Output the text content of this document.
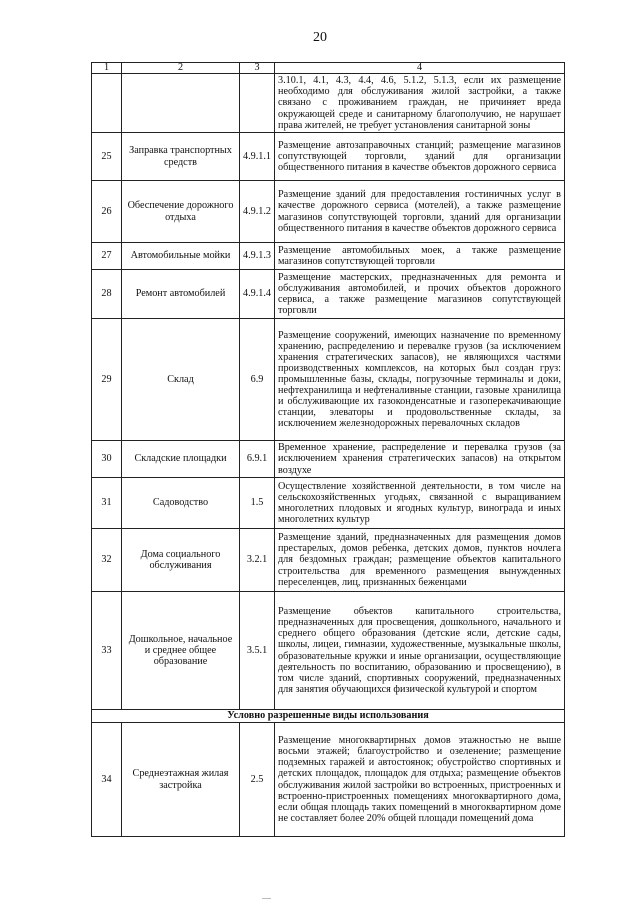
20
1	2	3	4
			3.10.1, 4.1, 4.3, 4.4, 4.6, 5.1.2, 5.1.3, если их размещение необходимо для обслуживания жилой застройки, а также связано с проживанием граждан, не причиняет вреда окружающей среде и санитарному благополучию, не нарушает права жителей, не требует установления санитарной зоны
25	Заправка транспортных средств	4.9.1.1	Размещение автозаправочных станций; размещение магазинов сопутствующей торговли, зданий для организации общественного питания в качестве объектов дорожного сервиса
26	Обеспечение дорожного отдыха	4.9.1.2	Размещение зданий для предоставления гостиничных услуг в качестве дорожного сервиса (мотелей), а также размещение магазинов сопутствующей торговли, зданий для организации общественного питания в качестве объектов дорожного сервиса
27	Автомобильные мойки	4.9.1.3	Размещение автомобильных моек, а также размещение магазинов сопутствующей торговли
28	Ремонт автомобилей	4.9.1.4	Размещение мастерских, предназначенных для ремонта и обслуживания автомобилей, и прочих объектов дорожного сервиса, а также размещение магазинов сопутствующей торговли
29	Склад	6.9	Размещение сооружений, имеющих назначение по временному хранению, распределению и перевалке грузов (за исключением хранения стратегических запасов), не являющихся частями производственных комплексов, на которых был создан груз: промышленные базы, склады, погрузочные терминалы и доки, нефтехранилища и нефтеналивные станции, газовые хранилища и обслуживающие их газоконденсатные и газоперекачивающие станции, элеваторы и продовольственные склады, за исключением железнодорожных перевалочных складов
30	Складские площадки	6.9.1	Временное хранение, распределение и перевалка грузов (за исключением хранения стратегических запасов) на открытом воздухе
31	Садоводство	1.5	Осуществление хозяйственной деятельности, в том числе на сельскохозяйственных угодьях, связанной с выращиванием многолетних плодовых и ягодных культур, винограда и иных многолетних культур
32	Дома социального обслуживания	3.2.1	Размещение зданий, предназначенных для размещения домов престарелых, домов ребенка, детских домов, пунктов ночлега для бездомных граждан; размещение объектов капитального строительства для временного размещения вынужденных переселенцев, лиц, признанных беженцами
33	Дошкольное, начальное и среднее общее образование	3.5.1	Размещение объектов капитального строительства, предназначенных для просвещения, дошкольного, начального и среднего общего образования (детские ясли, детские сады, школы, лицеи, гимназии, художественные, музыкальные школы, образовательные кружки и иные организации, осуществляющие деятельность по воспитанию, образованию и просвещению), в том числе зданий, спортивных сооружений, предназначенных для занятия обучающихся физической культурой и спортом
Условно разрешенные виды использования			
34	Среднеэтажная жилая застройка	2.5	Размещение многоквартирных домов этажностью не выше восьми этажей; благоустройство и озеленение; размещение подземных гаражей и автостоянок; обустройство спортивных и детских площадок, площадок для отдыха; размещение объектов обслуживания жилой застройки во встроенных, пристроенных и встроенно-пристроенных помещениях многоквартирного дома, если общая площадь таких помещений в многоквартирном доме не составляет более 20% общей площади помещений дома
